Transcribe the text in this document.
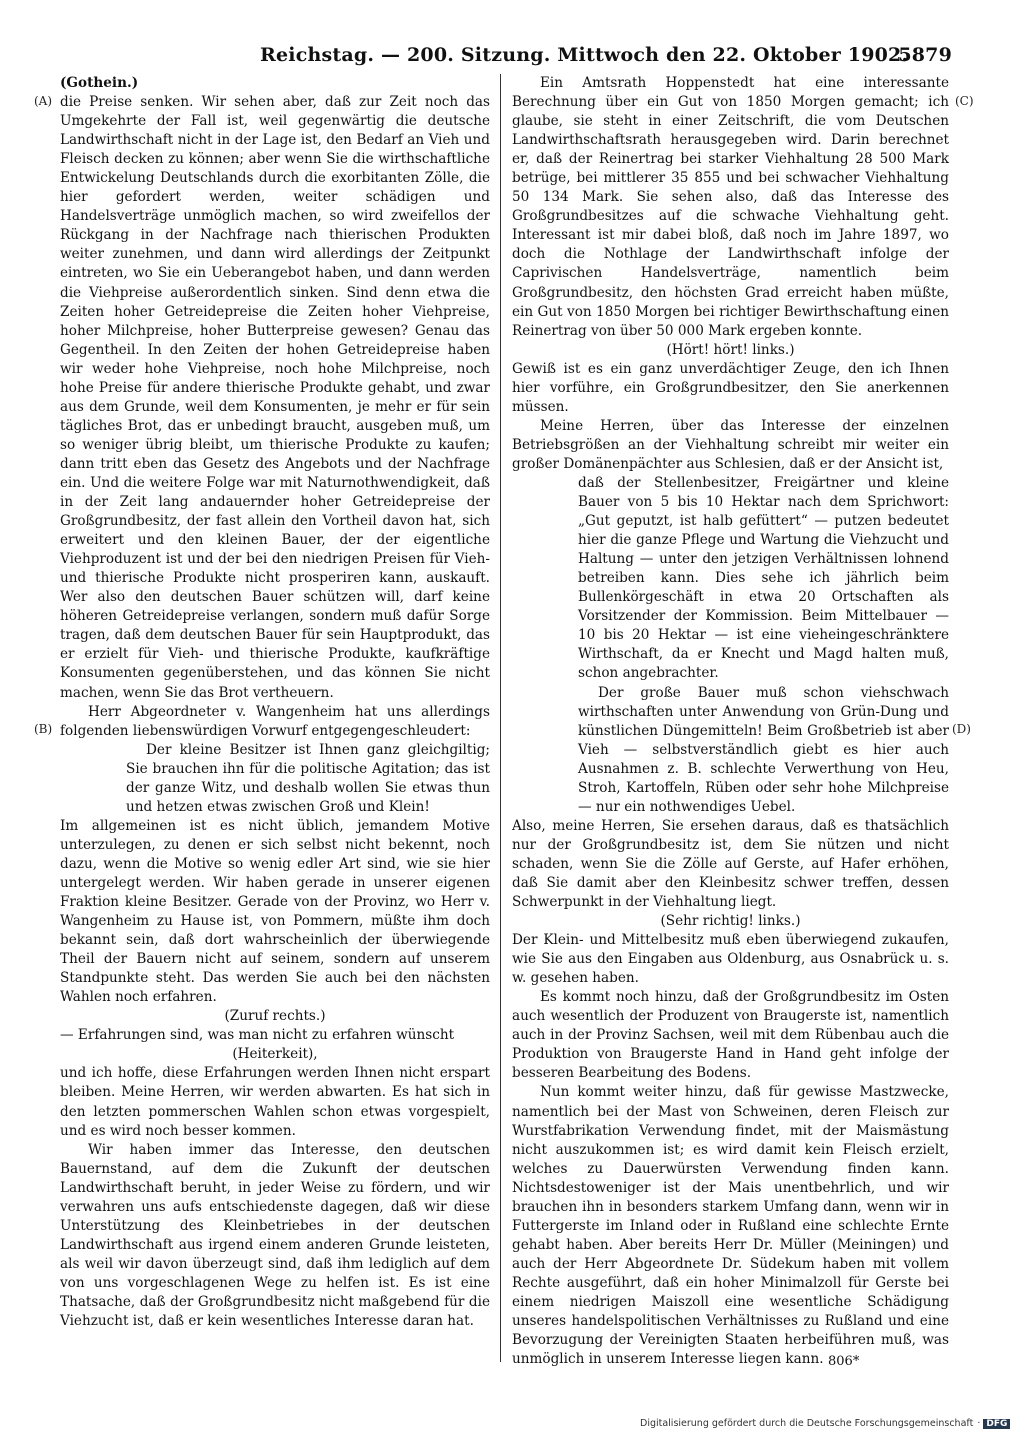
Reichstag. — 200. Sitzung. Mittwoch den 22. Oktober 1902.
5879
(A)
(B)
(C)
(D)

(Gothein.)

die Preise senken. Wir sehen aber, daß zur Zeit noch das Umgekehrte der Fall ist, weil gegenwärtig die deutsche Landwirthschaft nicht in der Lage ist, den Bedarf an Vieh und Fleisch decken zu können; aber wenn Sie die wirthschaftliche Entwickelung Deutschlands durch die exorbitanten Zölle, die hier gefordert werden, weiter schädigen und Handelsverträge unmöglich machen, so wird zweifellos der Rückgang in der Nachfrage nach thierischen Produkten weiter zunehmen, und dann wird allerdings der Zeitpunkt eintreten, wo Sie ein Ueberangebot haben, und dann werden die Viehpreise außerordentlich sinken. Sind denn etwa die Zeiten hoher Getreidepreise die Zeiten hoher Viehpreise, hoher Milchpreise, hoher Butterpreise gewesen? Genau das Gegentheil. In den Zeiten der hohen Getreidepreise haben wir weder hohe Viehpreise, noch hohe Milchpreise, noch hohe Preise für andere thierische Produkte gehabt, und zwar aus dem Grunde, weil dem Konsumenten, je mehr er für sein tägliches Brot, das er unbedingt braucht, ausgeben muß, um so weniger übrig bleibt, um thierische Produkte zu kaufen; dann tritt eben das Gesetz des Angebots und der Nachfrage ein. Und die weitere Folge war mit Naturnothwendigkeit, daß in der Zeit lang andauernder hoher Getreidepreise der Großgrundbesitz, der fast allein den Vortheil davon hat, sich erweitert und den kleinen Bauer, der der eigentliche Viehproduzent ist und der bei den niedrigen Preisen für Vieh- und thierische Produkte nicht prosperiren kann, auskauft. Wer also den deutschen Bauer schützen will, darf keine höheren Getreidepreise verlangen, sondern muß dafür Sorge tragen, daß dem deutschen Bauer für sein Hauptprodukt, das er erzielt für Vieh- und thierische Produkte, kaufkräftige Konsumenten gegenüberstehen, und das können Sie nicht machen, wenn Sie das Brot vertheuern.

Herr Abgeordneter v. Wangenheim hat uns allerdings folgenden liebenswürdigen Vorwurf entgegengeschleudert:

Der kleine Besitzer ist Ihnen ganz gleichgiltig; Sie brauchen ihn für die politische Agitation; das ist der ganze Witz, und deshalb wollen Sie etwas thun und hetzen etwas zwischen Groß und Klein!

Im allgemeinen ist es nicht üblich, jemandem Motive unterzulegen, zu denen er sich selbst nicht bekennt, noch dazu, wenn die Motive so wenig edler Art sind, wie sie hier untergelegt werden. Wir haben gerade in unserer eigenen Fraktion kleine Besitzer. Gerade von der Provinz, wo Herr v. Wangenheim zu Hause ist, von Pommern, müßte ihm doch bekannt sein, daß dort wahrscheinlich der überwiegende Theil der Bauern nicht auf seinem, sondern auf unserem Standpunkte steht. Das werden Sie auch bei den nächsten Wahlen noch erfahren.

(Zuruf rechts.)

— Erfahrungen sind, was man nicht zu erfahren wünscht

(Heiterkeit),

und ich hoffe, diese Erfahrungen werden Ihnen nicht erspart bleiben. Meine Herren, wir werden abwarten. Es hat sich in den letzten pommerschen Wahlen schon etwas vorgespielt, und es wird noch besser kommen.

Wir haben immer das Interesse, den deutschen Bauernstand, auf dem die Zukunft der deutschen Landwirthschaft beruht, in jeder Weise zu fördern, und wir verwahren uns aufs entschiedenste dagegen, daß wir diese Unterstützung des Kleinbetriebes in der deutschen Landwirthschaft aus irgend einem anderen Grunde leisteten, als weil wir davon überzeugt sind, daß ihm lediglich auf dem von uns vorgeschlagenen Wege zu helfen ist. Es ist eine Thatsache, daß der Großgrundbesitz nicht maßgebend für die Viehzucht ist, daß er kein wesentliches Interesse daran hat.

Ein Amtsrath Hoppenstedt hat eine interessante Berechnung über ein Gut von 1850 Morgen gemacht; ich glaube, sie steht in einer Zeitschrift, die vom Deutschen Landwirthschaftsrath herausgegeben wird. Darin berechnet er, daß der Reinertrag bei starker Viehhaltung 28 500 Mark betrüge, bei mittlerer 35 855 und bei schwacher Viehhaltung 50 134 Mark. Sie sehen also, daß das Interesse des Großgrundbesitzes auf die schwache Viehhaltung geht. Interessant ist mir dabei bloß, daß noch im Jahre 1897, wo doch die Nothlage der Landwirthschaft infolge der Caprivischen Handelsverträge, namentlich beim Großgrundbesitz, den höchsten Grad erreicht haben müßte, ein Gut von 1850 Morgen bei richtiger Bewirthschaftung einen Reinertrag von über 50 000 Mark ergeben konnte.

(Hört! hört! links.)

Gewiß ist es ein ganz unverdächtiger Zeuge, den ich Ihnen hier vorführe, ein Großgrundbesitzer, den Sie anerkennen müssen.

Meine Herren, über das Interesse der einzelnen Betriebsgrößen an der Viehhaltung schreibt mir weiter ein großer Domänenpächter aus Schlesien, daß er der Ansicht ist,

daß der Stellenbesitzer, Freigärtner und kleine Bauer von 5 bis 10 Hektar nach dem Sprichwort: „Gut geputzt, ist halb gefüttert“ — putzen bedeutet hier die ganze Pflege und Wartung die Viehzucht und Haltung — unter den jetzigen Verhältnissen lohnend betreiben kann. Dies sehe ich jährlich beim Bullenkörgeschäft in etwa 20 Ortschaften als Vorsitzender der Kommission. Beim Mittelbauer — 10 bis 20 Hektar — ist eine vieheingeschränktere Wirthschaft, da er Knecht und Magd halten muß, schon angebrachter.

Der große Bauer muß schon viehschwach wirthschaften unter Anwendung von Grün-Dung und künstlichen Düngemitteln! Beim Großbetrieb ist aber Vieh — selbstverständlich giebt es hier auch Ausnahmen z. B. schlechte Verwerthung von Heu, Stroh, Kartoffeln, Rüben oder sehr hohe Milchpreise — nur ein nothwendiges Uebel.

Also, meine Herren, Sie ersehen daraus, daß es thatsächlich nur der Großgrundbesitz ist, dem Sie nützen und nicht schaden, wenn Sie die Zölle auf Gerste, auf Hafer erhöhen, daß Sie damit aber den Kleinbesitz schwer treffen, dessen Schwerpunkt in der Viehhaltung liegt.

(Sehr richtig! links.)

Der Klein- und Mittelbesitz muß eben überwiegend zukaufen, wie Sie aus den Eingaben aus Oldenburg, aus Osnabrück u. s. w. gesehen haben.

Es kommt noch hinzu, daß der Großgrundbesitz im Osten auch wesentlich der Produzent von Braugerste ist, namentlich auch in der Provinz Sachsen, weil mit dem Rübenbau auch die Produktion von Braugerste Hand in Hand geht infolge der besseren Bearbeitung des Bodens.

Nun kommt weiter hinzu, daß für gewisse Mastzwecke, namentlich bei der Mast von Schweinen, deren Fleisch zur Wurstfabrikation Verwendung findet, mit der Maismästung nicht auszukommen ist; es wird damit kein Fleisch erzielt, welches zu Dauerwürsten Verwendung finden kann. Nichtsdestoweniger ist der Mais unentbehrlich, und wir brauchen ihn in besonders starkem Umfang dann, wenn wir in Futtergerste im Inland oder in Rußland eine schlechte Ernte gehabt haben. Aber bereits Herr Dr. Müller (Meiningen) und auch der Herr Abgeordnete Dr. Südekum haben mit vollem Rechte ausgeführt, daß ein hoher Minimalzoll für Gerste bei einem niedrigen Maiszoll eine wesentliche Schädigung unseres handelspolitischen Verhältnisses zu Rußland und eine Bevorzugung der Vereinigten Staaten herbeiführen muß, was unmöglich in unserem Interesse liegen kann. 806*
Digitalisierung gefördert durch die Deutsche Forschungsgemeinschaft · DFG
